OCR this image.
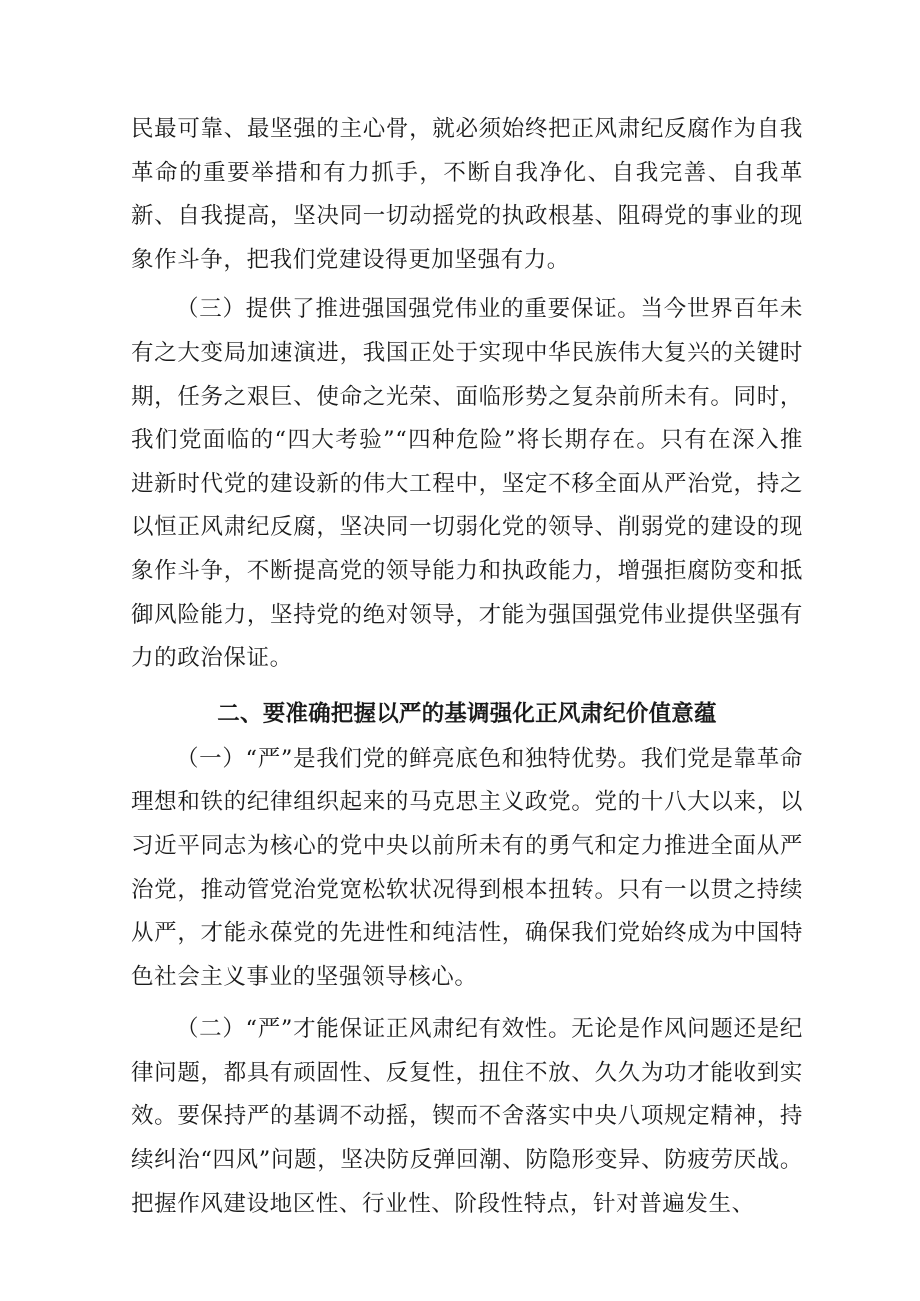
民最可靠、最坚强的主心骨，就必须始终把正风肃纪反腐作为自我革命的重要举措和有力抓手，不断自我净化、自我完善、自我革新、自我提高，坚决同一切动摇党的执政根基、阻碍党的事业的现象作斗争，把我们党建设得更加坚强有力。

（三）提供了推进强国强党伟业的重要保证。当今世界百年未有之大变局加速演进，我国正处于实现中华民族伟大复兴的关键时期，任务之艰巨、使命之光荣、面临形势之复杂前所未有。同时，我们党面临的“四大考验”“四种危险”将长期存在。只有在深入推进新时代党的建设新的伟大工程中，坚定不移全面从严治党，持之以恒正风肃纪反腐，坚决同一切弱化党的领导、削弱党的建设的现象作斗争，不断提高党的领导能力和执政能力，增强拒腐防变和抵御风险能力，坚持党的绝对领导，才能为强国强党伟业提供坚强有力的政治保证。

二、要准确把握以严的基调强化正风肃纪价值意蕴

（一）“严”是我们党的鲜亮底色和独特优势。我们党是靠革命理想和铁的纪律组织起来的马克思主义政党。党的十八大以来，以习近平同志为核心的党中央以前所未有的勇气和定力推进全面从严治党，推动管党治党宽松软状况得到根本扭转。只有一以贯之持续从严，才能永葆党的先进性和纯洁性，确保我们党始终成为中国特色社会主义事业的坚强领导核心。

（二）“严”才能保证正风肃纪有效性。无论是作风问题还是纪律问题，都具有顽固性、反复性，扭住不放、久久为功才能收到实效。要保持严的基调不动摇，锲而不舍落实中央八项规定精神，持续纠治“四风”问题，坚决防反弹回潮、防隐形变异、防疲劳厌战。把握作风建设地区性、行业性、阶段性特点，针对普遍发生、
